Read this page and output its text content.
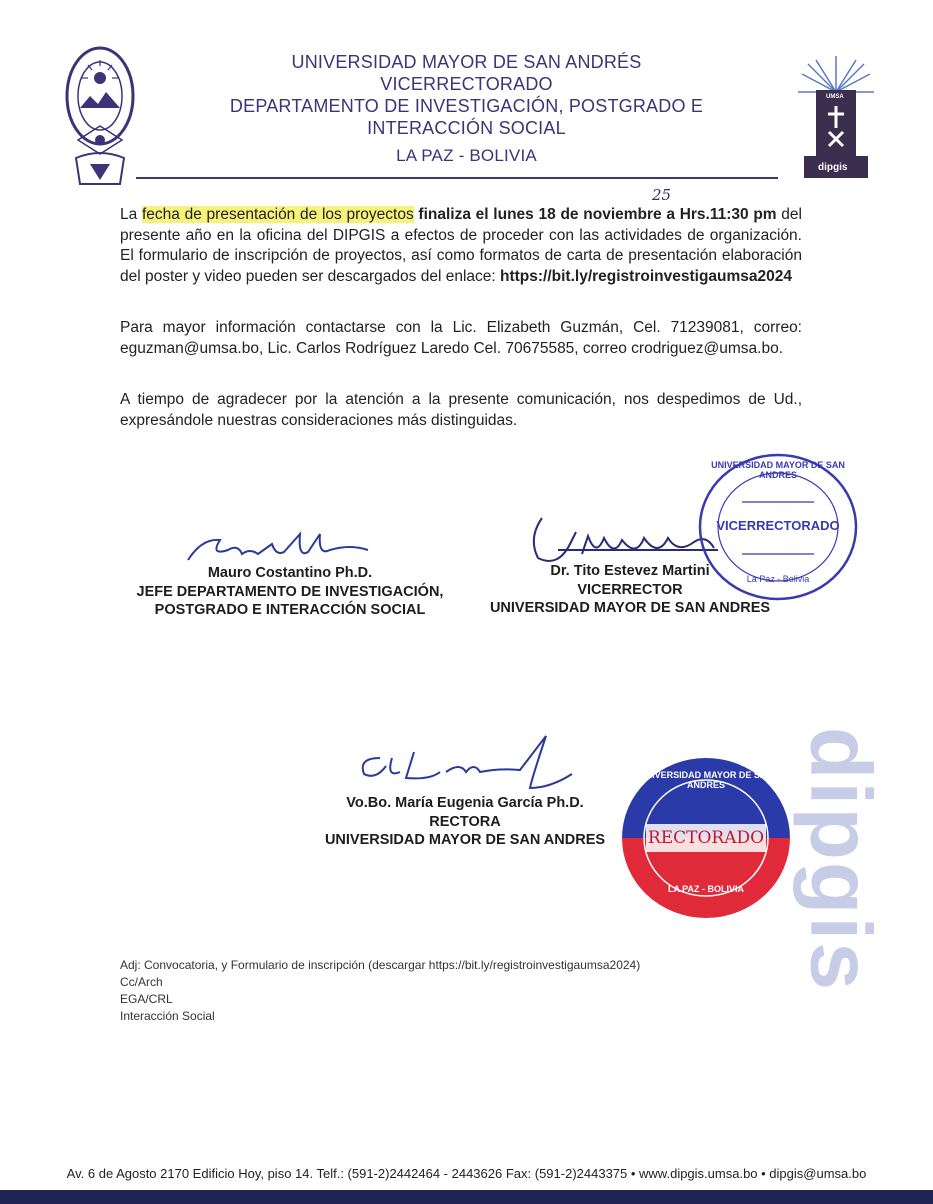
UNIVERSIDAD MAYOR DE SAN ANDRÉS
VICERRECTORADO
DEPARTAMENTO DE INVESTIGACIÓN, POSTGRADO E
INTERACCIÓN SOCIAL
LA PAZ - BOLIVIA
UMSA
dipgis
25
La fecha de presentación de los proyectos finaliza el lunes 18 de noviembre a Hrs.11:30 pm del presente año en la oficina del DIPGIS a efectos de proceder con las actividades de organización. El formulario de inscripción de proyectos, así como formatos de carta de presentación elaboración del poster y video pueden ser descargados del enlace: https://bit.ly/registroinvestigaumsa2024
Para mayor información contactarse con la Lic. Elizabeth Guzmán, Cel. 71239081, correo: eguzman@umsa.bo, Lic. Carlos Rodríguez Laredo Cel. 70675585, correo crodriguez@umsa.bo.
A tiempo de agradecer por la atención a la presente comunicación, nos despedimos de Ud., expresándole nuestras consideraciones más distinguidas.
Mauro Costantino Ph.D.
JEFE DEPARTAMENTO DE INVESTIGACIÓN,
POSTGRADO E INTERACCIÓN SOCIAL
UNIVERSIDAD MAYOR DE SAN ANDRES
VICERRECTORADO
La Paz - Bolivia
Dr. Tito Estevez Martini
VICERRECTOR
UNIVERSIDAD MAYOR DE SAN ANDRES
Vo.Bo. María Eugenia García Ph.D.
RECTORA
UNIVERSIDAD MAYOR DE SAN ANDRES
UNIVERSIDAD MAYOR DE SAN ANDRES
RECTORADO
LA PAZ - BOLIVIA dipgis
Adj: Convocatoria, y Formulario de inscripción (descargar https://bit.ly/registroinvestigaumsa2024)
Cc/Arch
EGA/CRL
Interacción Social
Av. 6 de Agosto 2170 Edificio Hoy, piso 14. Telf.: (591-2)2442464 - 2443626 Fax: (591-2)2443375 • www.dipgis.umsa.bo • dipgis@umsa.bo
